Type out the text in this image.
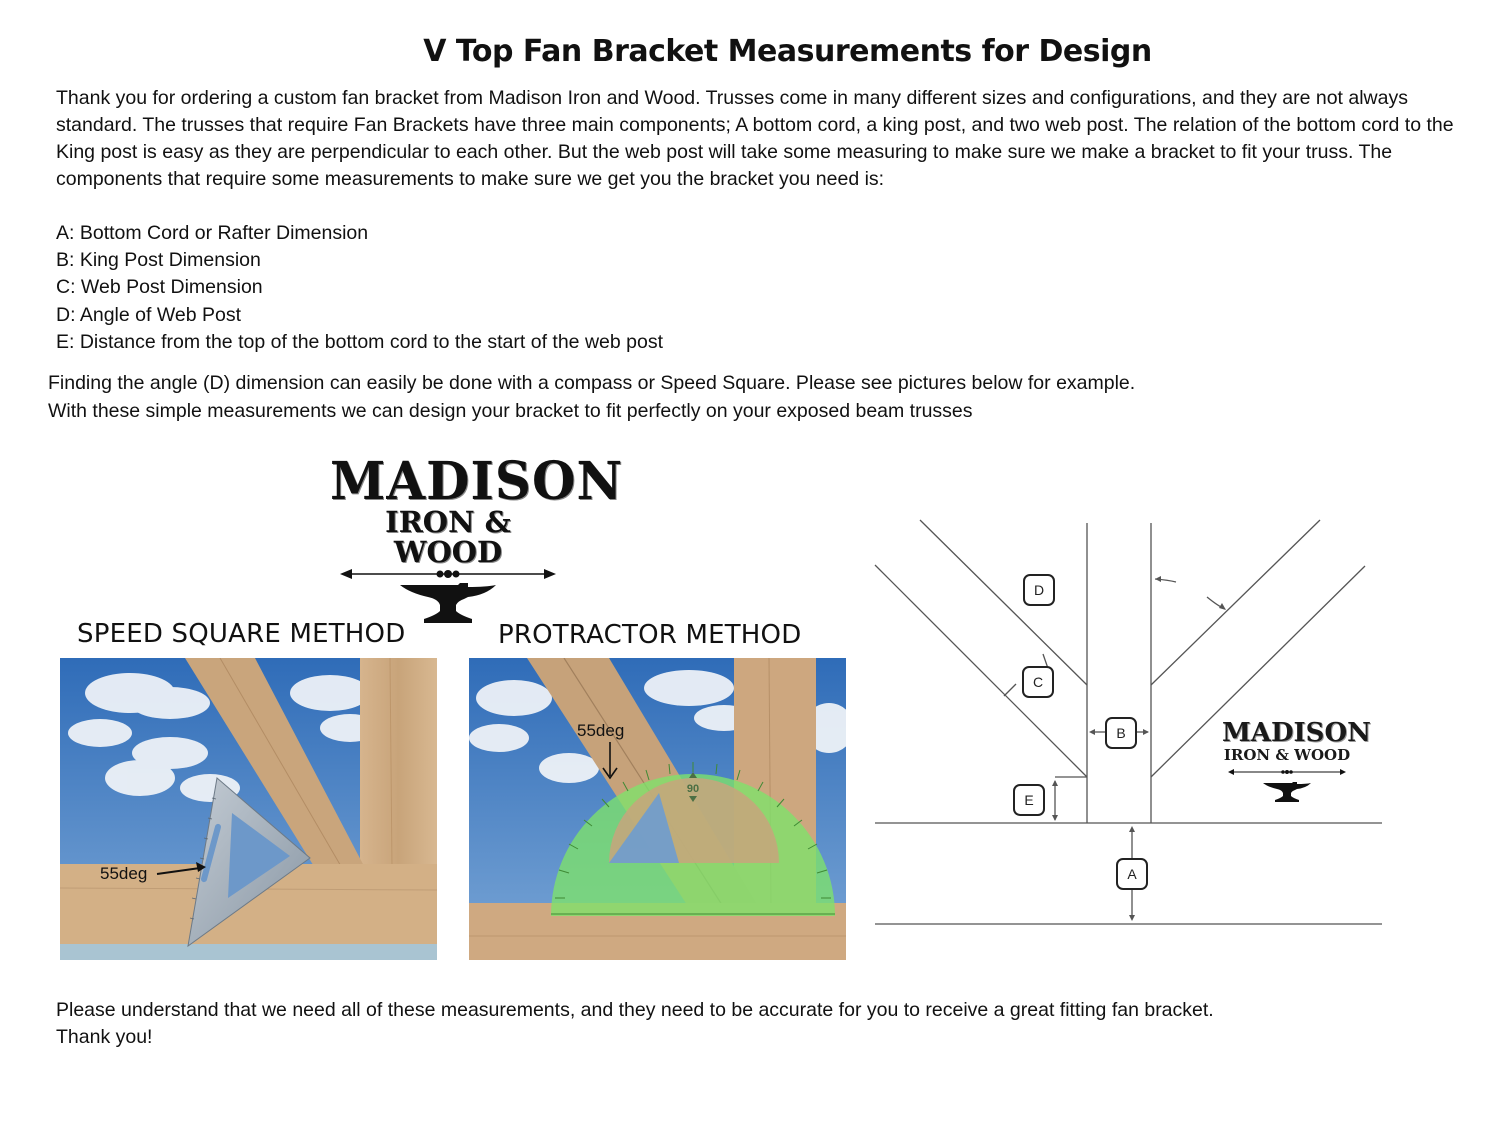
V Top Fan Bracket Measurements for Design

Thank you for ordering a custom fan bracket from Madison Iron and Wood. Trusses come in many different sizes and configurations, and they are not always standard. The trusses that require Fan Brackets have three main components; A bottom cord, a king post, and two web post. The relation of the bottom cord to the King post is easy as they are perpendicular to each other. But the web post will take some measuring to make sure we make a bracket to fit your truss. The components that require some measurements to make sure we get you the bracket you need is:

A: Bottom Cord or Rafter Dimension
B: King Post Dimension
C: Web Post Dimension
D: Angle of Web Post
E: Distance from the top of the bottom cord to the start of the web post
Finding the angle (D) dimension can easily be done with a compass or Speed Square. Please see pictures below for example.
With these simple measurements we can design your bracket to fit perfectly on your exposed beam trusses
MADISON
IRON & WOOD
SPEED SQUARE METHOD
55deg
PROTRACTOR METHOD
90
55deg
D
C
B
E
A
MADISON
IRON & WOOD

Please understand that we need all of these measurements, and they need to be accurate for you to receive a great fitting fan bracket.
Thank you!
